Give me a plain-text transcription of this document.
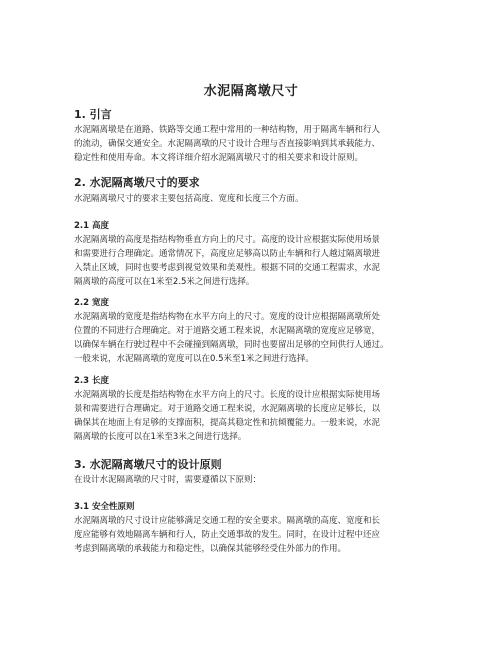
水泥隔离墩尺寸
1. 引言

水泥隔离墩是在道路、铁路等交通工程中常用的一种结构物，用于隔离车辆和行人
的流动，确保交通安全。水泥隔离墩的尺寸设计合理与否直接影响到其承载能力、
稳定性和使用寿命。本文将详细介绍水泥隔离墩尺寸的相关要求和设计原则。

2. 水泥隔离墩尺寸的要求

水泥隔离墩尺寸的要求主要包括高度、宽度和长度三个方面。

2.1 高度

水泥隔离墩的高度是指结构物垂直方向上的尺寸。高度的设计应根据实际使用场景
和需要进行合理确定。通常情况下，高度应足够高以防止车辆和行人越过隔离墩进
入禁止区域，同时也要考虑到视觉效果和美观性。根据不同的交通工程需求，水泥
隔离墩的高度可以在1米至2.5米之间进行选择。

2.2 宽度

水泥隔离墩的宽度是指结构物在水平方向上的尺寸。宽度的设计应根据隔离墩所处
位置的不同进行合理确定。对于道路交通工程来说，水泥隔离墩的宽度应足够宽，
以确保车辆在行驶过程中不会碰撞到隔离墩，同时也要留出足够的空间供行人通过。
一般来说，水泥隔离墩的宽度可以在0.5米至1米之间进行选择。

2.3 长度

水泥隔离墩的长度是指结构物在水平方向上的尺寸。长度的设计应根据实际使用场
景和需要进行合理确定。对于道路交通工程来说，水泥隔离墩的长度应足够长，以
确保其在地面上有足够的支撑面积，提高其稳定性和抗倾覆能力。一般来说，水泥
隔离墩的长度可以在1米至3米之间进行选择。

3. 水泥隔离墩尺寸的设计原则

在设计水泥隔离墩的尺寸时，需要遵循以下原则：

3.1 安全性原则

水泥隔离墩的尺寸设计应能够满足交通工程的安全要求。隔离墩的高度、宽度和长
度应能够有效地隔离车辆和行人，防止交通事故的发生。同时，在设计过程中还应
考虑到隔离墩的承载能力和稳定性，以确保其能够经受住外部力的作用。
